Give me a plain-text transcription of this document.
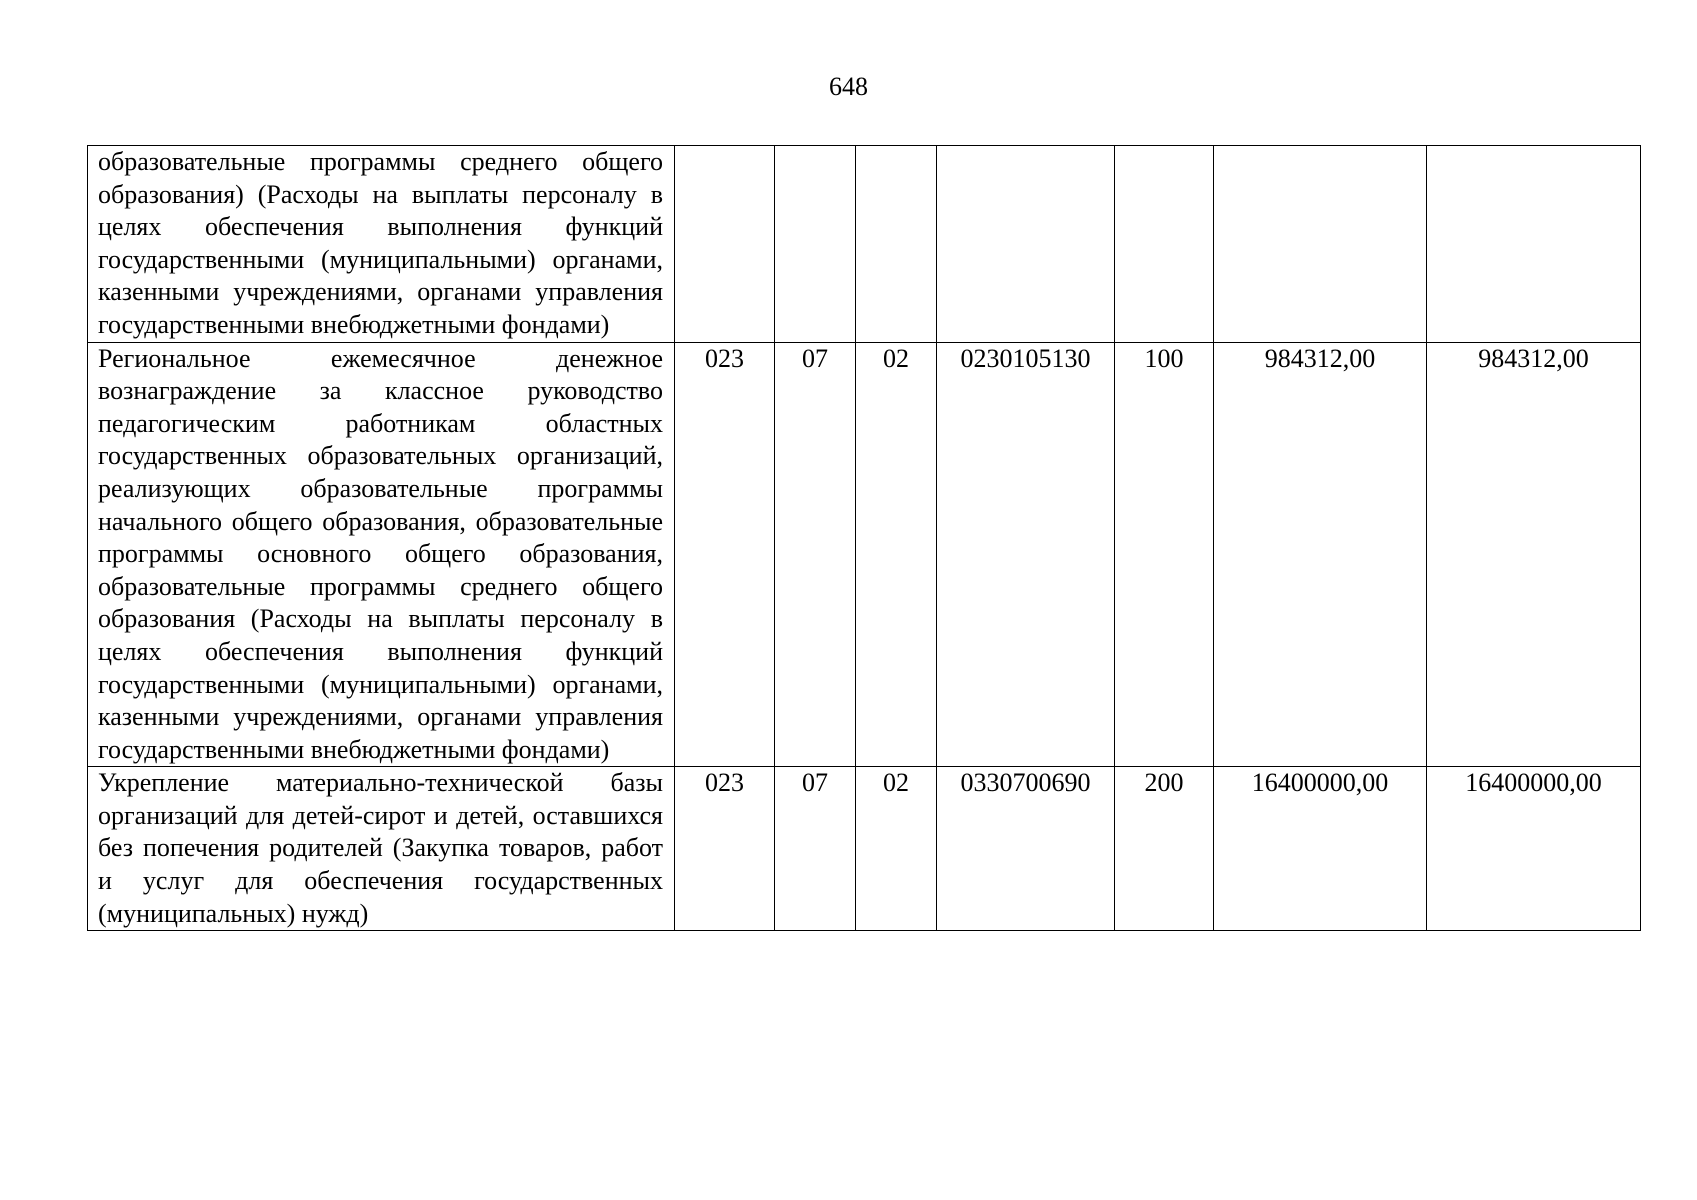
648
образовательные программы среднего общего образования) (Расходы на выплаты персоналу в целях обеспечения выполнения функций государственными (муниципальными) органами, казенными учреждениями, органами управления государственными внебюджетными фондами)							
Региональное ежемесячное денежное вознаграждение за классное руководство педагогическим работникам областных государственных образовательных организаций, реализующих образовательные программы начального общего образования, образовательные программы основного общего образования, образовательные программы среднего общего образования (Расходы на выплаты персоналу в целях обеспечения выполнения функций государственными (муниципальными) органами, казенными учреждениями, органами управления государственными внебюджетными фондами)	023	07	02	0230105130	100	984312,00	984312,00
Укрепление материально-технической базы организаций для детей-сирот и детей, оставшихся без попечения родителей (Закупка товаров, работ и услуг для обеспечения государственных (муниципальных) нужд)	023	07	02	0330700690	200	16400000,00	16400000,00
